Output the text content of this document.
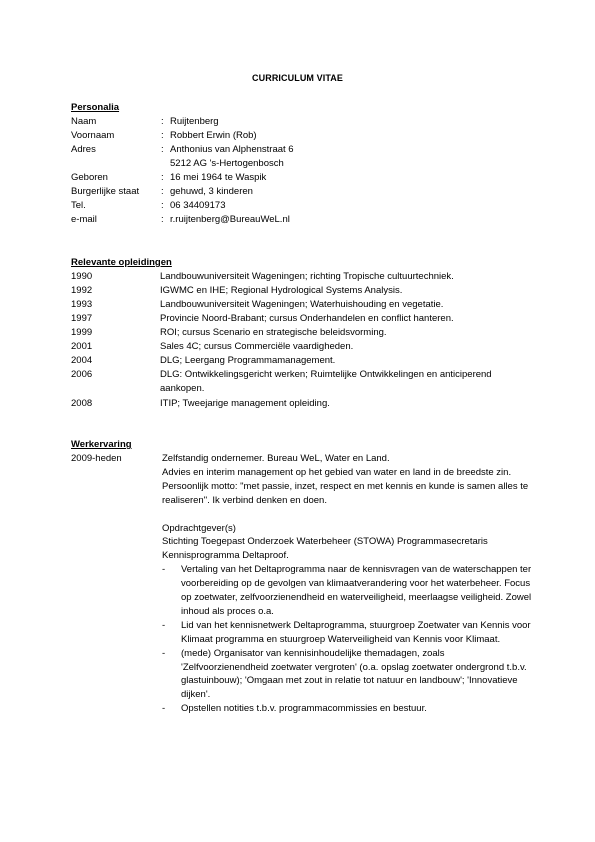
CURRICULUM VITAE
Personalia
Naam	: Ruijtenberg
Voornaam	: Robbert Erwin (Rob)
Adres	: Anthonius van Alphenstraat 6
5212 AG 's-Hertogenbosch
Geboren	: 16 mei 1964 te Waspik
Burgerlijke staat : gehuwd, 3 kinderen
Tel.	: 06 34409173
e-mail	: r.ruijtenberg@BureauWeL.nl
Relevante opleidingen
1990	Landbouwuniversiteit Wageningen; richting Tropische cultuurtechniek.
1992	IGWMC en IHE; Regional Hydrological Systems Analysis.
1993	Landbouwuniversiteit Wageningen; Waterhuishouding en vegetatie.
1997	Provincie Noord-Brabant; cursus Onderhandelen en conflict hanteren.
1999	ROI; cursus Scenario en strategische beleidsvorming.
2001	Sales 4C; cursus Commerciële vaardigheden.
2004	DLG; Leergang Programmamanagement.
2006	DLG: Ontwikkelingsgericht werken; Ruimtelijke Ontwikkelingen en anticiperend aankopen.
2008	ITIP; Tweejarige management opleiding.
Werkervaring
2009-heden	Zelfstandig ondernemer. Bureau WeL, Water en Land.

Advies en interim management op het gebied van water en land in de breedste zin. Persoonlijk motto: "met passie, inzet, respect en met kennis en kunde is samen alles te realiseren". Ik verbind denken en doen.

Opdrachtgever(s)

Stichting Toegepast Onderzoek Waterbeheer (STOWA) Programmasecretaris

Kennisprogramma Deltaproof.

- Vertaling van het Deltaprogramma naar de kennisvragen van de waterschappen ter voorbereiding op de gevolgen van klimaatverandering voor het waterbeheer. Focus op zoetwater, zelfvoorzienendheid en waterveiligheid, meerlaagse veiligheid. Zowel inhoud als proces o.a.
- Lid van het kennisnetwerk Deltaprogramma, stuurgroep Zoetwater van Kennis voor Klimaat programma en stuurgroep Waterveiligheid van Kennis voor Klimaat.
- (mede) Organisator van kennisinhoudelijke themadagen, zoals 'Zelfvoorzienendheid zoetwater vergroten' (o.a. opslag zoetwater ondergrond t.b.v. glastuinbouw); 'Omgaan met zout in relatie tot natuur en landbouw'; 'Innovatieve dijken'.
- Opstellen notities t.b.v. programmacommissies en bestuur.
